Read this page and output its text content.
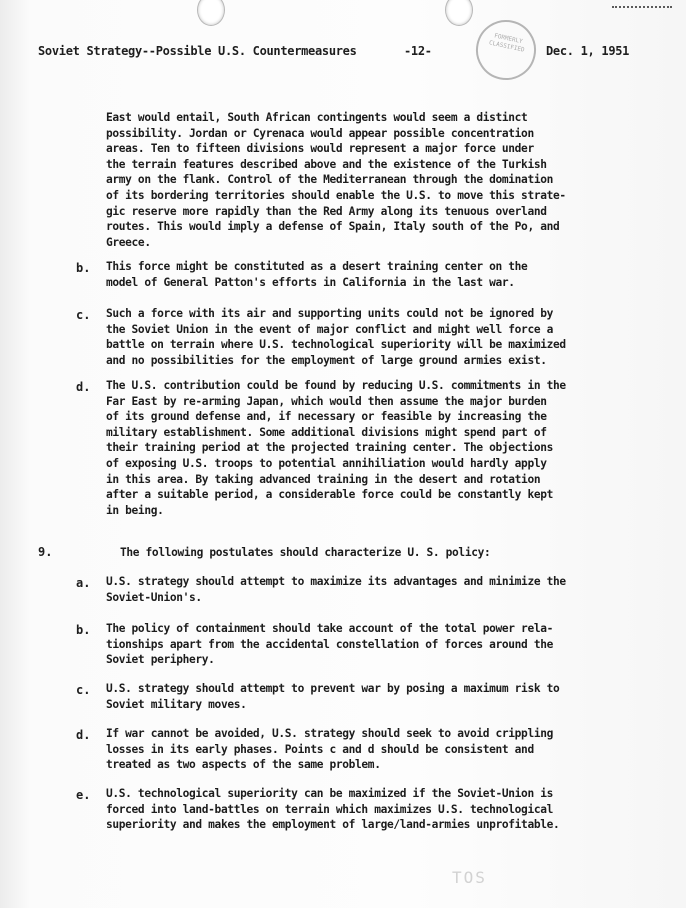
FORMERLY CLASSIFIED
Soviet Strategy--Possible U.S. Countermeasures	-12-	Dec. 1, 1951
East would entail, South African contingents would seem a distinct
possibility. Jordan or Cyrenaca would appear possible concentration
areas. Ten to fifteen divisions would represent a major force under
the terrain features described above and the existence of the Turkish
army on the flank. Control of the Mediterranean through the domination
of its bordering territories should enable the U.S. to move this strate-
gic reserve more rapidly than the Red Army along its tenuous overland
routes. This would imply a defense of Spain, Italy south of the Po, and
Greece.
b. This force might be constituted as a desert training center on the
model of General Patton's efforts in California in the last war.
c. Such a force with its air and supporting units could not be ignored by
the Soviet Union in the event of major conflict and might well force a
battle on terrain where U.S. technological superiority will be maximized
and no possibilities for the employment of large ground armies exist.
d. The U.S. contribution could be found by reducing U.S. commitments in the
Far East by re-arming Japan, which would then assume the major burden
of its ground defense and, if necessary or feasible by increasing the
military establishment. Some additional divisions might spend part of
their training period at the projected training center. The objections
of exposing U.S. troops to potential annihiliation would hardly apply
in this area. By taking advanced training in the desert and rotation
after a suitable period, a considerable force could be constantly kept
in being.
9.	The following postulates should characterize U. S. policy:
a. U.S. strategy should attempt to maximize its advantages and minimize the
Soviet-Union's.
b. The policy of containment should take account of the total power rela-
tionships apart from the accidental constellation of forces around the
Soviet periphery.
c. U.S. strategy should attempt to prevent war by posing a maximum risk to
Soviet military moves.
d. If war cannot be avoided, U.S. strategy should seek to avoid crippling
losses in its early phases. Points c and d should be consistent and
treated as two aspects of the same problem.
e. U.S. technological superiority can be maximized if the Soviet-Union is
forced into land-battles on terrain which maximizes U.S. technological
superiority and makes the employment of large/land-armies unprofitable.
TOS
